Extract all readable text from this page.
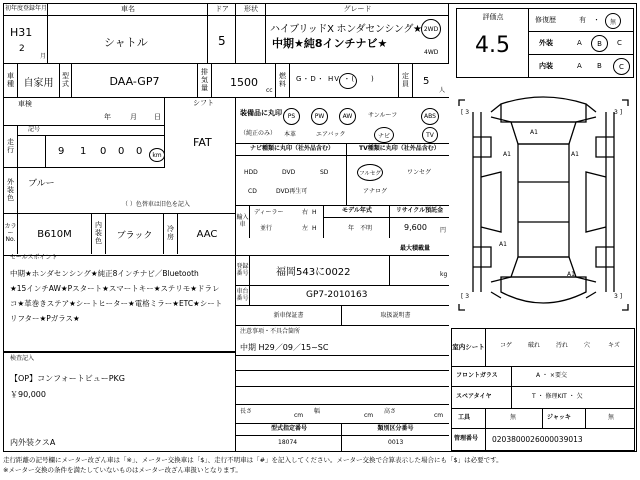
初年度登録年月
H31
2
月
車名
シャトル
ドア
5
形状	グレード
ハイブリッドX ホンダセンシング★
中期★純8インチナビ★
2WD
4WD
評価点
4.5
修復歴	有 ・ 無
外装	A B C
内装	A B C
車種 自家用
型式	DAA-GP7
排気量	1500
cc
燃料
G・D・ HV ・(　　)	定員	5
人
車検
年	月 日
シフト
FAT
走行
記号
9 1 0 0 0 km
外装色
ブルー
（ ）色替車は旧色を記入
カラーNo.
B610M
内装色
ブラック
冷房	AAC
装備品に丸印
（純正のみ）
PS	PW	AW	サンルーフ	ABS
本革	エアバック	ナビ	TV
ナビ種類に丸印（社外品含む）
HDD	DVD	SD
CD	DVD再生可
TV種類に丸印（社外品含む）
フルセグ	ワンセグ
アナログ
輸入車
ディーラー
並行
右 H
左 H
モデル年式
年　不明
リサイクル預託金
9,600 円
セールスポイント
中期★ホンダセンシング★純正8インチナビ／Bluetooth
★15インチAW★Pスタート★スマートキー★ステリモ★ドラレ
コ★革巻きステア★シートヒーター★電格ミラー★ETC★シート
リフター★Pガラス★
最大積載量
kg
登録番号	福岡543に0022
車台番号	GP7-2010163
新車保証書	取扱説明書
注意事項・不具合箇所
中期 H29／09／15~SC
検査記入
【OP】コンフォートビューPKG
￥90,000
内外装クスA
長さ
cm
幅
cm
高さ
cm
型式指定番号
18074
類別区分番号
0013
[ 3	3 ]
[ 3	3 ]
A1
A1	A1
A1
A1
室内シート	コゲ	破れ	汚れ	穴	キズ
フロントガラス	A ・ ×要交
スペアタイヤ	T ・ 修理KIT ・ 欠
工具	無	ジャッキ	無
管理番号	0203800026000039013
走行距離の記号欄にメーター改ざん車は「※」、メーター交換車は「$」、走行不明車は「#」を記入してください。メーター交換で合算表示した場合にも「$」は必要です。
※メーター交換の条件を満たしていないものはメーター改ざん車扱いとなります。
